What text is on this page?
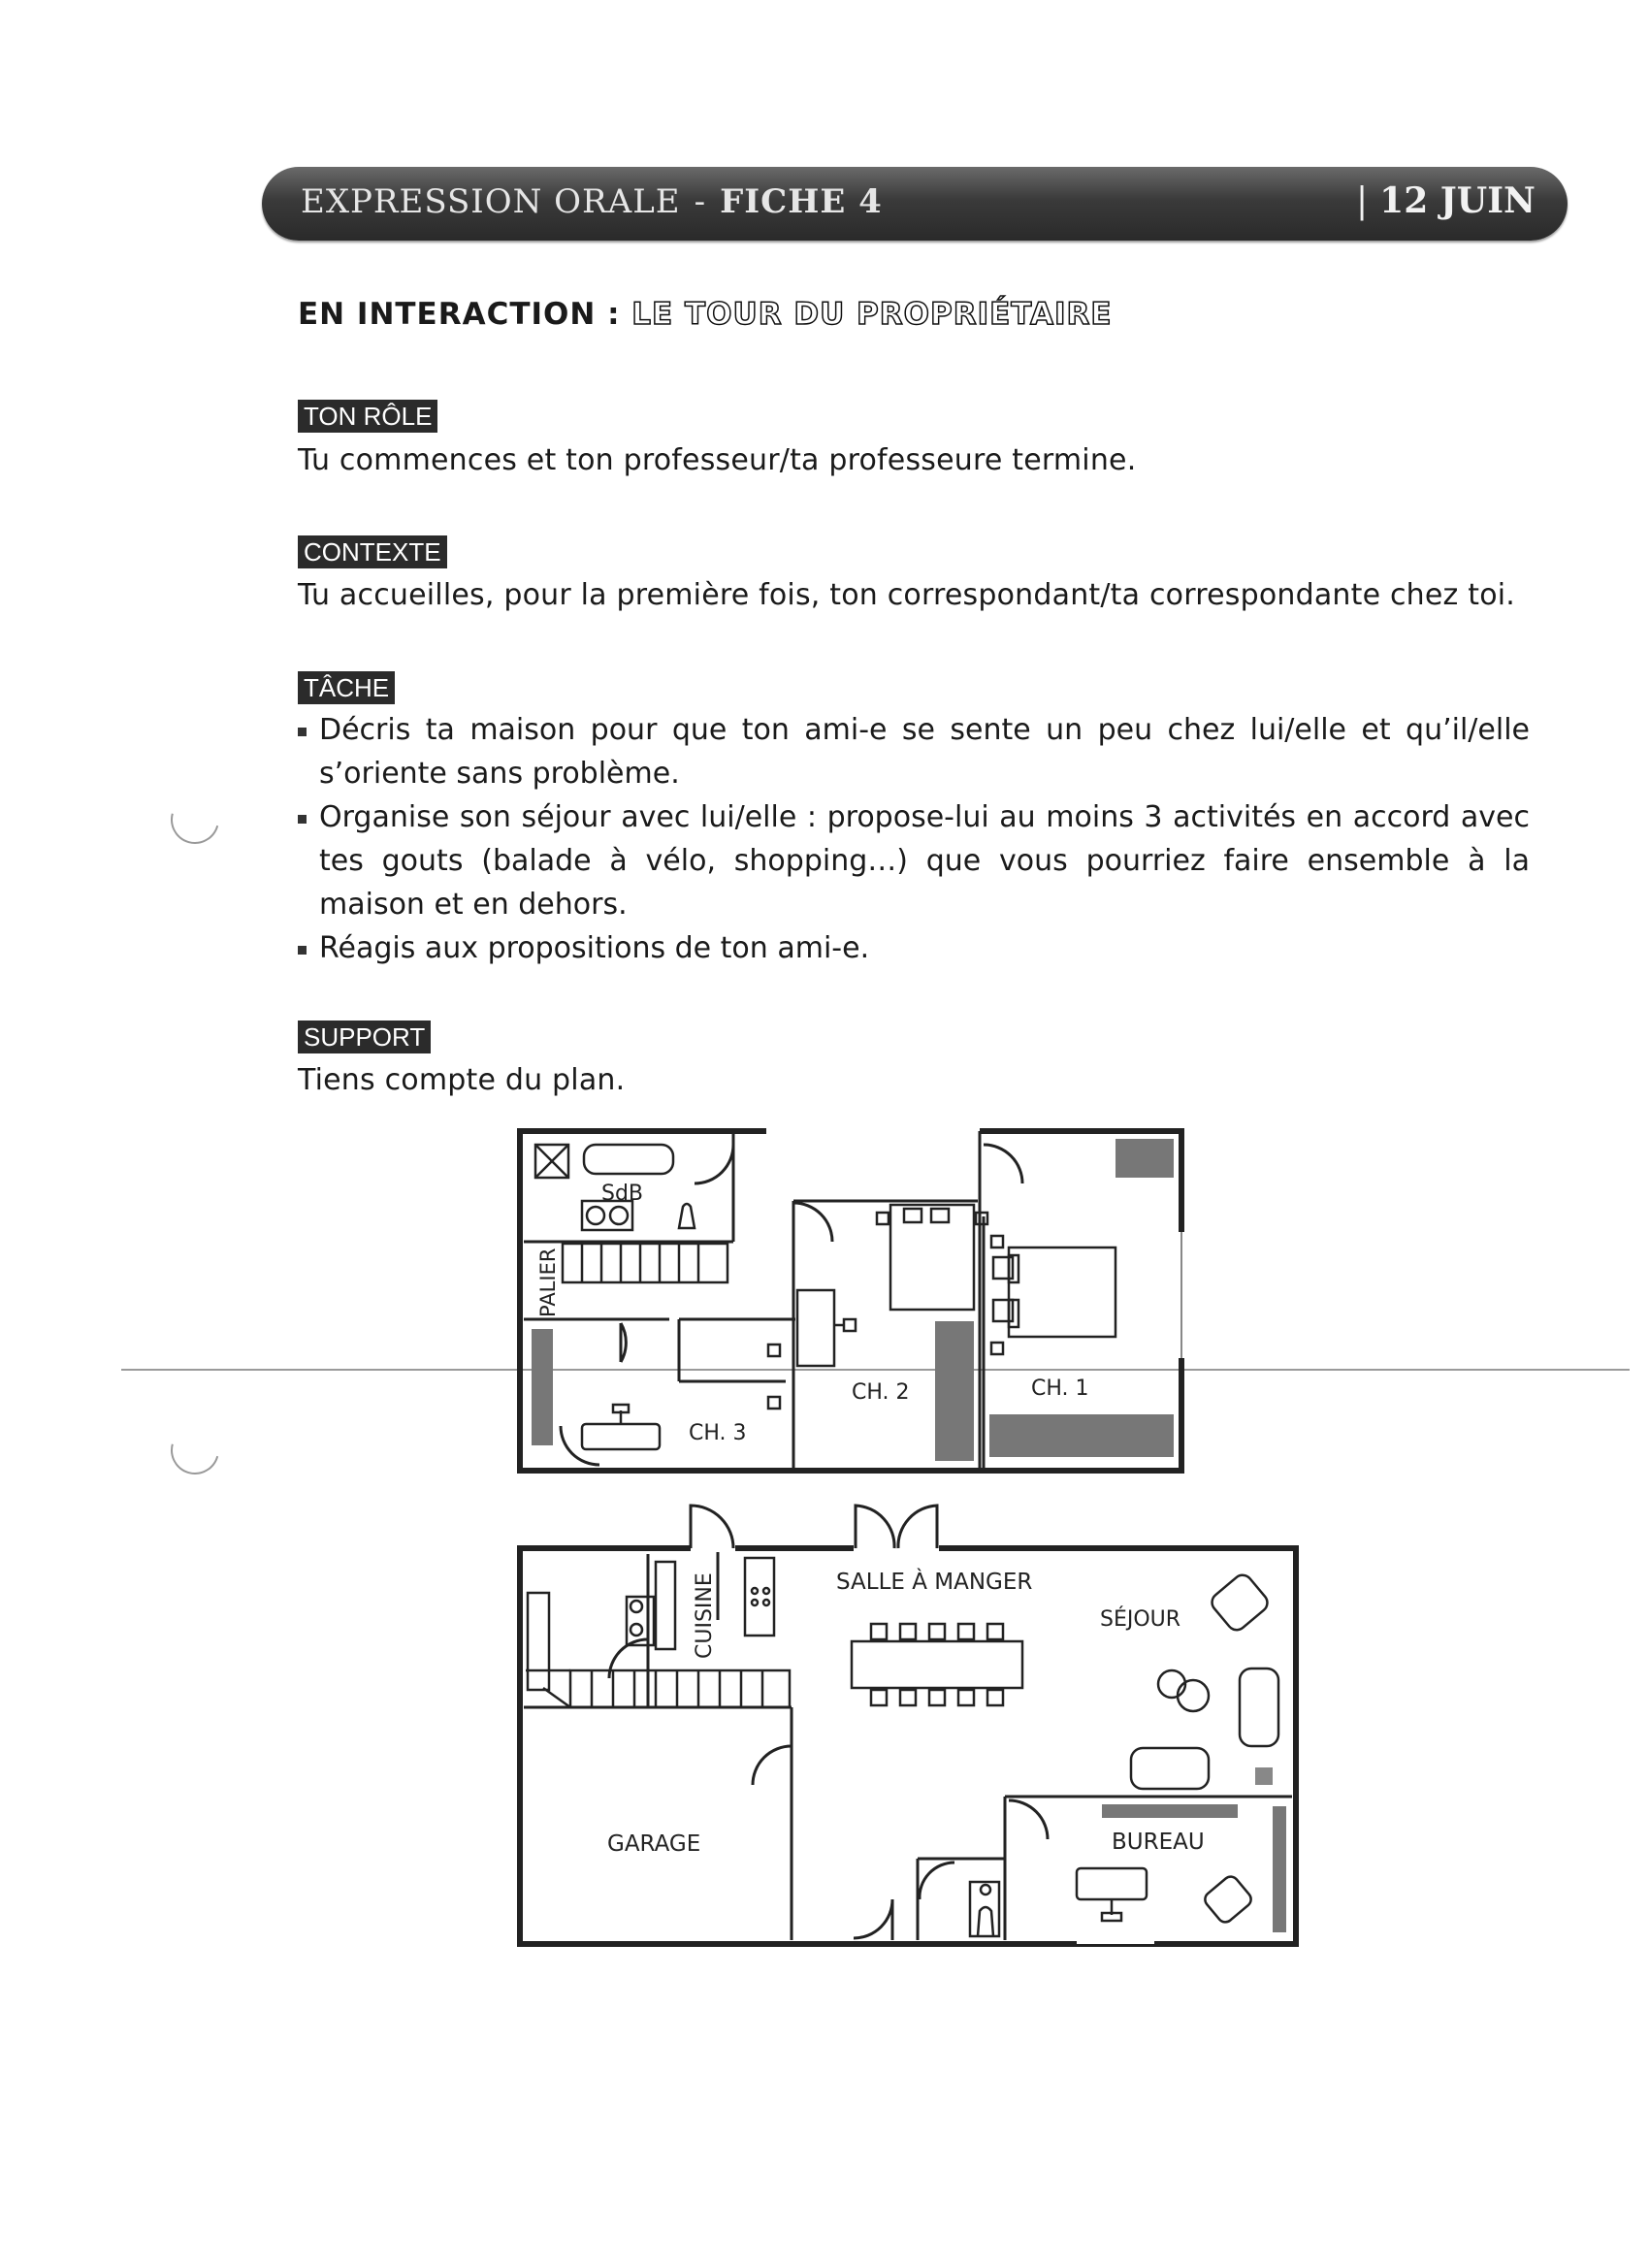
EXPRESSION ORALE - FICHE 4	| 12 JUIN
EN INTERACTION : LE TOUR DU PROPRIÉTAIRE
TON RÔLE
Tu commences et ton professeur/ta professeure termine.
CONTEXTE
Tu accueilles, pour la première fois, ton correspondant/ta correspondante chez toi.
TÂCHE
Décris ta maison pour que ton ami-e se sente un peu chez lui/elle et qu’il/elle s’oriente sans problème.
Organise son séjour avec lui/elle : propose-lui au moins 3 activités en accord avec tes gouts (balade à vélo, shopping…) que vous pourriez faire ensemble à la maison et en dehors.
Réagis aux propositions de ton ami-e.
SUPPORT
Tiens compte du plan.
SdB
PALIER
CH. 1
CH. 2
CH. 3
SALLE À MANGER
SÉJOUR
CUISINE
GARAGE	BUREAU
